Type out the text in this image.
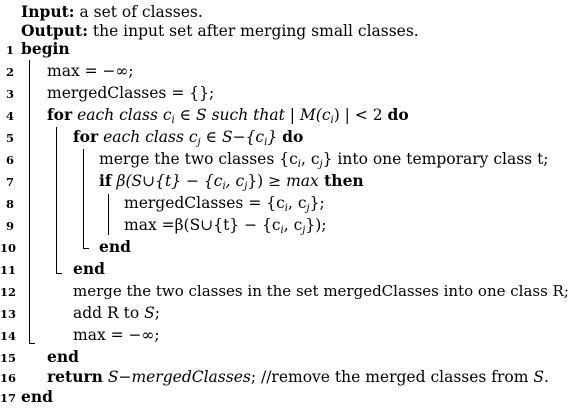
Input: a set of classes.
Output: the input set after merging small classes.
1 begin
2 max = −∞;
3 mergedClasses = {};
4 for each class $c_i$ ∈ S such that | $M(c_i)$ | < 2 do
5	for each class $c_j$ ∈ $S-\{c_i\}$ do
6	merge the two classes {$c_i$, $c_j$} into one temporary class t;
7	if β(S∪{t} − {$c_i$, $c_j\}) \ge \max$ then
8	mergedClasses = {$c_i$, $c_j$};
9	max =β(S∪{t} − {$c_i$, $c_j$});
10	end
11	end
12	merge the two classes in the set mergedClasses into one class R;
13	add R to S;
14	max = −∞;
15 end
16 return S−mergedClasses; //remove the merged classes from S.
17 end
